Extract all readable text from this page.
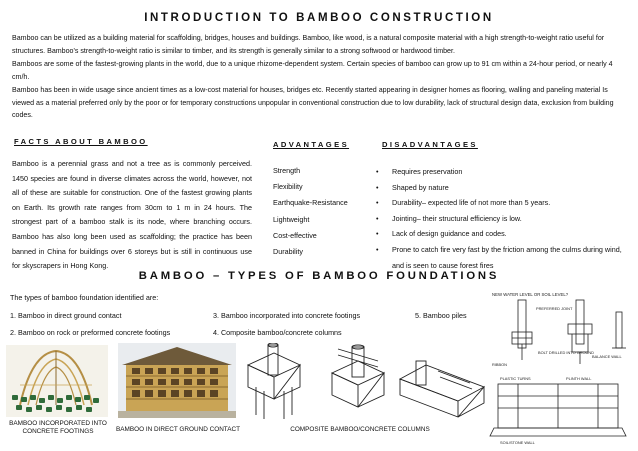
INTRODUCTION TO BAMBOO CONSTRUCTION

Bamboo can be utilized as a building material for scaffolding, bridges, houses and buildings. Bamboo, like wood, is a natural composite material with a high strength-to-weight ratio useful for structures. Bamboo's strength-to-weight ratio is similar to timber, and its strength is generally similar to a strong softwood or hardwood timber.

Bamboos are some of the fastest-growing plants in the world, due to a unique rhizome-dependent system. Certain species of bamboo can grow up to 91 cm within a 24-hour period, or nearly 4 cm/h.

Bamboo has been in wide usage since ancient times as a low-cost material for houses, bridges etc. Recently started appearing in designer homes as flooring, walling and paneling material Is viewed as a material preferred only by the poor or for temporary constructions unpopular in conventional construction due to low durability, lack of structural design data, exclusion from building codes.

FACTS ABOUT BAMBOO
Bamboo is a perennial grass and not a tree as is commonly perceived. 1450 species are found in diverse climates across the world, however, not all of these are suitable for construction. One of the fastest growing plants on Earth. Its growth rate ranges from 30cm to 1 m in 24 hours. The strongest part of a bamboo stalk is its node, where branching occurs. Bamboo has also long been used as scaffolding; the practice has been banned in China for buildings over 6 storeys but is still in continuous use for skyscrapers in Hong Kong.
ADVANTAGES
Strength
Flexibility
Earthquake-Resistance
Lightweight
Cost-effective
Durability
DISADVANTAGES
•	Requires preservation
•	Shaped by nature
•	Durability– expected life of not more than 5 years.
•	Jointing– their structural efficiency is low.
•	Lack of design guidance and codes.
•	Prone to catch fire very fast by the friction among the culms during wind, and is seen to cause forest fires
BAMBOO – TYPES OF BAMBOO FOUNDATIONS
The types of bamboo foundation identified are:
1. Bamboo in direct ground contact
2. Bamboo on rock or preformed concrete footings
3. Bamboo incorporated into concrete footings
4. Composite bamboo/concrete columns
5. Bamboo piles
BAMBOO INCORPORATED INTO
CONCRETE FOOTINGS	BAMBOO IN DIRECT GROUND CONTACT	COMPOSITE BAMBOO/CONCRETE COLUMNS
NEW WATER LEVEL OR SOIL LEVEL?
PREFERRED JOINT
BOLT DRILLED INTO GROUND
RIBBON
BALANCE WALL
PLASTIC TURNS	PLINTH WALL
SOIL/STONE WALL
